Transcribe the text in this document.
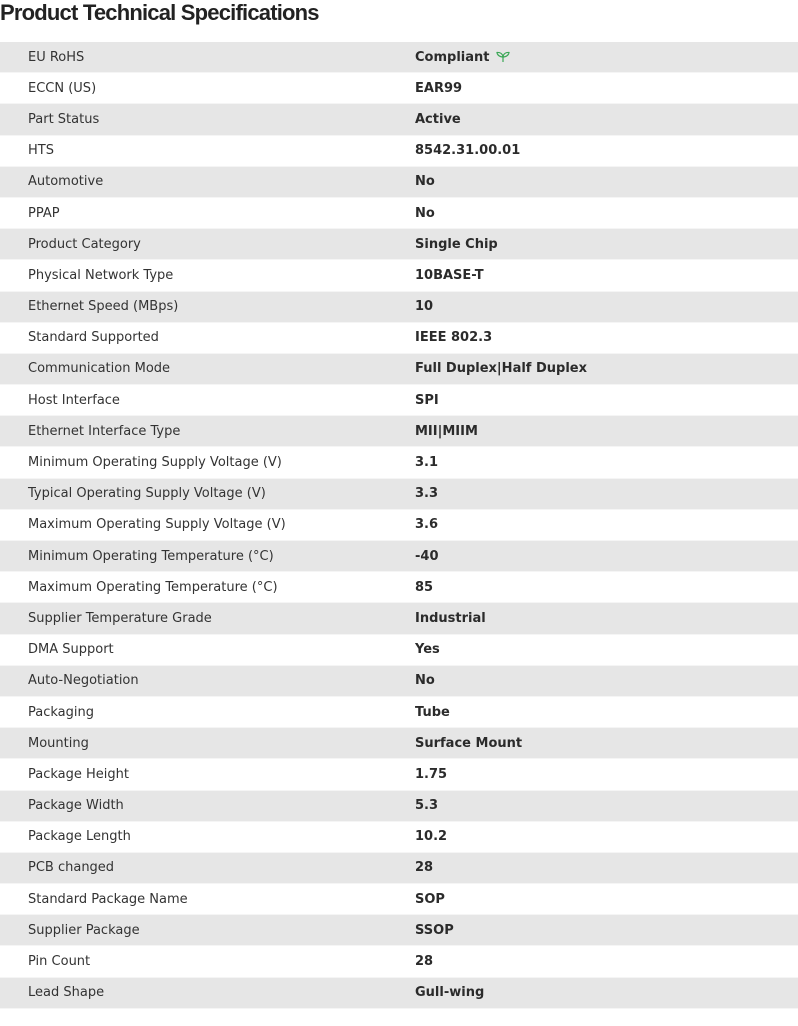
Product Technical Specifications
EU RoHS	Compliant
ECCN (US)	EAR99
Part Status	Active
HTS	8542.31.00.01
Automotive	No
PPAP	No
Product Category	Single Chip
Physical Network Type	10BASE-T
Ethernet Speed (MBps)	10
Standard Supported	IEEE 802.3
Communication Mode	Full Duplex|Half Duplex
Host Interface	SPI
Ethernet Interface Type	MII|MIIM
Minimum Operating Supply Voltage (V)	3.1
Typical Operating Supply Voltage (V)	3.3
Maximum Operating Supply Voltage (V)	3.6
Minimum Operating Temperature (°C)	-40
Maximum Operating Temperature (°C)	85
Supplier Temperature Grade	Industrial
DMA Support	Yes
Auto-Negotiation	No
Packaging	Tube
Mounting	Surface Mount
Package Height	1.75
Package Width	5.3
Package Length	10.2
PCB changed	28
Standard Package Name	SOP
Supplier Package	SSOP
Pin Count	28
Lead Shape	Gull-wing
